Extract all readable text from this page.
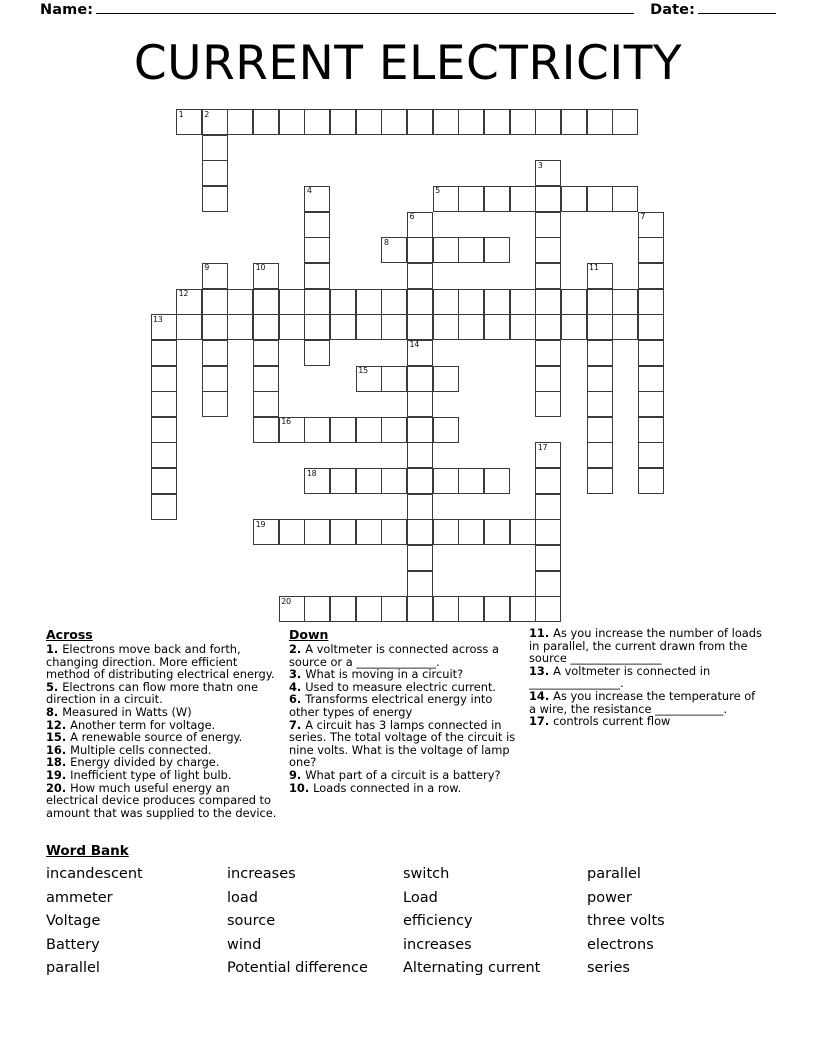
Name:	Date:
CURRENT ELECTRICITY
1	2
3
4	5
6
14
7
8
9	10	11
12
13
15
16
17
18
19
20
Across

1. Electrons move back and forth, changing direction. More efficient method of distributing electrical energy.

5. Electrons can flow more thatn one direction in a circuit.

8. Measured in Watts (W)

12. Another term for voltage.

15. A renewable source of energy.

16. Multiple cells connected.

18. Energy divided by charge.

19. Inefficient type of light bulb.

20. How much useful energy an electrical device produces compared to amount that was supplied to the device.

Down

2. A voltmeter is connected across a source or a ______________.

3. What is moving in a circuit?

4. Used to measure electric current.

6. Transforms electrical energy into other types of energy

7. A circuit has 3 lamps connected in series. The total voltage of the circuit is nine volts. What is the voltage of lamp one?

9. What part of a circuit is a battery?

10. Loads connected in a row.

11. As you increase the number of loads in parallel, the current drawn from the source ________________

13. A voltmeter is connected in ________________.

14. As you increase the temperature of a wire, the resistance ____________.

17. controls current flow

Word Bank
incandescent	increases	switch	parallel
ammeter	load	Load	power
Voltage	source	efficiency	three volts
Battery	wind	increases	electrons
parallel	Potential difference	Alternating current	series
